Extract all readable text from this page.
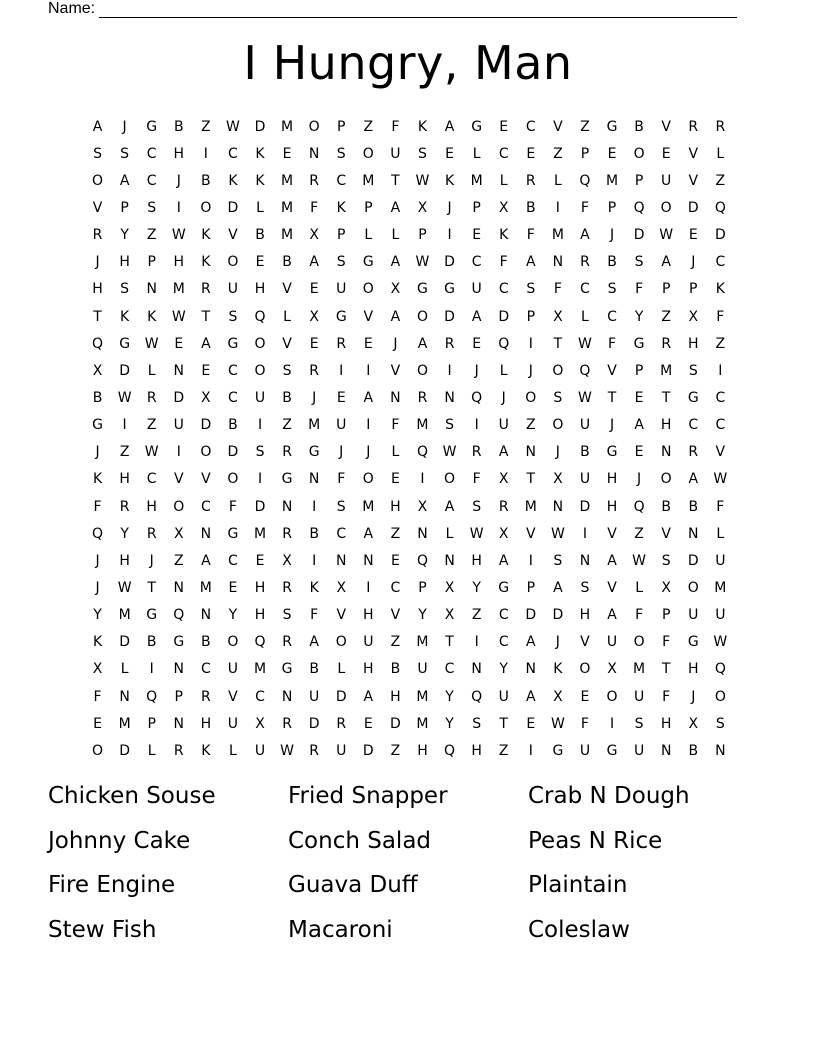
Name:
I Hungry, Man
A	J	G	B	Z	W	D	M	O	P	Z	F	K	A	G	E	C	V	Z	G	B	V	R	R
S	S	C	H	I	C	K	E	N	S	O	U	S	E	L	C	E	Z	P	E	O	E	V	L
O	A	C	J	B	K	K	M	R	C	M	T	W	K	M	L	R	L	Q	M	P	U	V	Z
V	P	S	I	O	D	L	M	F	K	P	A	X	J	P	X	B	I	F	P	Q	O	D	Q
R	Y	Z	W	K	V	B	M	X	P	L	L	P	I	E	K	F	M	A	J	D	W	E	D
J	H	P	H	K	O	E	B	A	S	G	A	W	D	C	F	A	N	R	B	S	A	J	C
H	S	N	M	R	U	H	V	E	U	O	X	G	G	U	C	S	F	C	S	F	P	P	K
T	K	K	W	T	S	Q	L	X	G	V	A	O	D	A	D	P	X	L	C	Y	Z	X	F
Q	G	W	E	A	G	O	V	E	R	E	J	A	R	E	Q	I	T	W	F	G	R	H	Z
X	D	L	N	E	C	O	S	R	I	I	V	O	I	J	L	J	O	Q	V	P	M	S	I
B	W	R	D	X	C	U	B	J	E	A	N	R	N	Q	J	O	S	W	T	E	T	G	C
G	I	Z	U	D	B	I	Z	M	U	I	F	M	S	I	U	Z	O	U	J	A	H	C	C
J	Z	W	I	O	D	S	R	G	J	J	L	Q	W	R	A	N	J	B	G	E	N	R	V
K	H	C	V	V	O	I	G	N	F	O	E	I	O	F	X	T	X	U	H	J	O	A	W
F	R	H	O	C	F	D	N	I	S	M	H	X	A	S	R	M	N	D	H	Q	B	B	F
Q	Y	R	X	N	G	M	R	B	C	A	Z	N	L	W	X	V	W	I	V	Z	V	N	L
J	H	J	Z	A	C	E	X	I	N	N	E	Q	N	H	A	I	S	N	A	W	S	D	U
J	W	T	N	M	E	H	R	K	X	I	C	P	X	Y	G	P	A	S	V	L	X	O	M
Y	M	G	Q	N	Y	H	S	F	V	H	V	Y	X	Z	C	D	D	H	A	F	P	U	U
K	D	B	G	B	O	Q	R	A	O	U	Z	M	T	I	C	A	J	V	U	O	F	G	W
X	L	I	N	C	U	M	G	B	L	H	B	U	C	N	Y	N	K	O	X	M	T	H	Q
F	N	Q	P	R	V	C	N	U	D	A	H	M	Y	Q	U	A	X	E	O	U	F	J	O
E	M	P	N	H	U	X	R	D	R	E	D	M	Y	S	T	E	W	F	I	S	H	X	S
O	D	L	R	K	L	U	W	R	U	D	Z	H	Q	H	Z	I	G	U	G	U	N	B	N
Chicken Souse	Fried Snapper	Crab N Dough
Johnny Cake	Conch Salad	Peas N Rice
Fire Engine	Guava Duff	Plaintain
Stew Fish	Macaroni	Coleslaw
